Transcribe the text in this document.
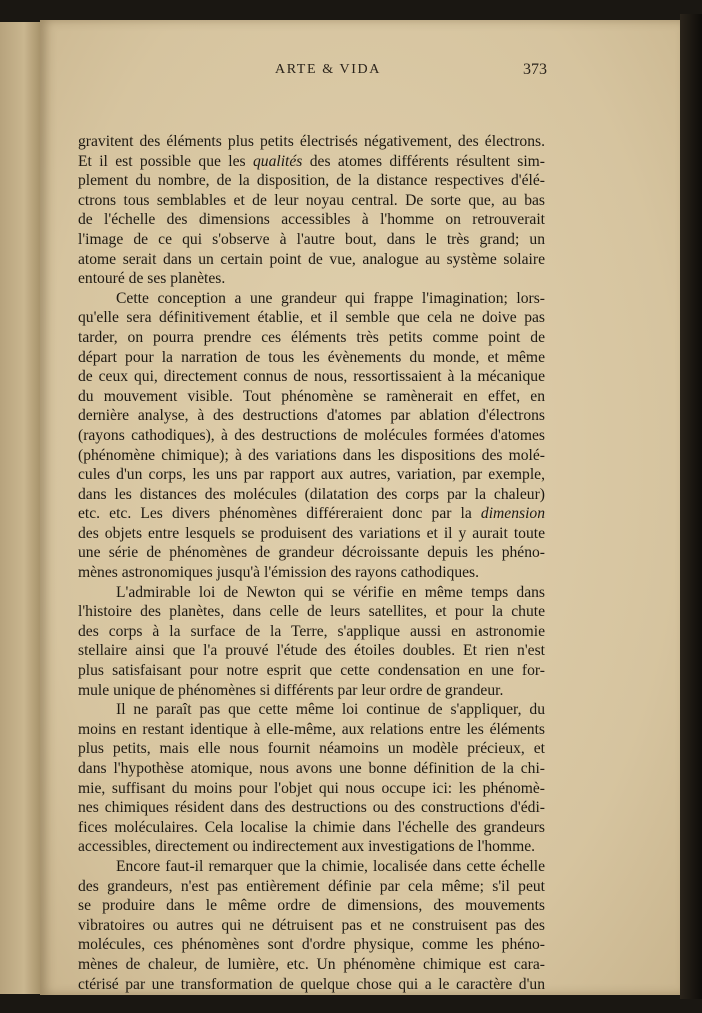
ARTE & VIDA	373
gravitent des éléments plus petits électrisés négativement, des électrons.
Et il est possible que les qualités des atomes différents résultent sim-
plement du nombre, de la disposition, de la distance respectives d'élé-
ctrons tous semblables et de leur noyau central. De sorte que, au bas
de l'échelle des dimensions accessibles à l'homme on retrouverait
l'image de ce qui s'observe à l'autre bout, dans le très grand; un
atome serait dans un certain point de vue, analogue au système solaire
entouré de ses planètes.
Cette conception a une grandeur qui frappe l'imagination; lors-
qu'elle sera définitivement établie, et il semble que cela ne doive pas
tarder, on pourra prendre ces éléments très petits comme point de
départ pour la narration de tous les évènements du monde, et même
de ceux qui, directement connus de nous, ressortissaient à la mécanique
du mouvement visible. Tout phénomène se ramènerait en effet, en
dernière analyse, à des destructions d'atomes par ablation d'électrons
(rayons cathodiques), à des destructions de molécules formées d'atomes
(phénomène chimique); à des variations dans les dispositions des molé-
cules d'un corps, les uns par rapport aux autres, variation, par exemple,
dans les distances des molécules (dilatation des corps par la chaleur)
etc. etc. Les divers phénomènes différeraient donc par la dimension
des objets entre lesquels se produisent des variations et il y aurait toute
une série de phénomènes de grandeur décroissante depuis les phéno-
mènes astronomiques jusqu'à l'émission des rayons cathodiques.
L'admirable loi de Newton qui se vérifie en même temps dans
l'histoire des planètes, dans celle de leurs satellites, et pour la chute
des corps à la surface de la Terre, s'applique aussi en astronomie
stellaire ainsi que l'a prouvé l'étude des étoiles doubles. Et rien n'est
plus satisfaisant pour notre esprit que cette condensation en une for-
mule unique de phénomènes si différents par leur ordre de grandeur.
Il ne paraît pas que cette même loi continue de s'appliquer, du
moins en restant identique à elle-même, aux relations entre les éléments
plus petits, mais elle nous fournit néamoins un modèle précieux, et
dans l'hypothèse atomique, nous avons une bonne définition de la chi-
mie, suffisant du moins pour l'objet qui nous occupe ici: les phénomè-
nes chimiques résident dans des destructions ou des constructions d'édi-
fices moléculaires. Cela localise la chimie dans l'échelle des grandeurs
accessibles, directement ou indirectement aux investigations de l'homme.
Encore faut-il remarquer que la chimie, localisée dans cette échelle
des grandeurs, n'est pas entièrement définie par cela même; s'il peut
se produire dans le même ordre de dimensions, des mouvements
vibratoires ou autres qui ne détruisent pas et ne construisent pas des
molécules, ces phénomènes sont d'ordre physique, comme les phéno-
mènes de chaleur, de lumière, etc. Un phénomène chimique est cara-
ctérisé par une transformation de quelque chose qui a le caractère d'un
